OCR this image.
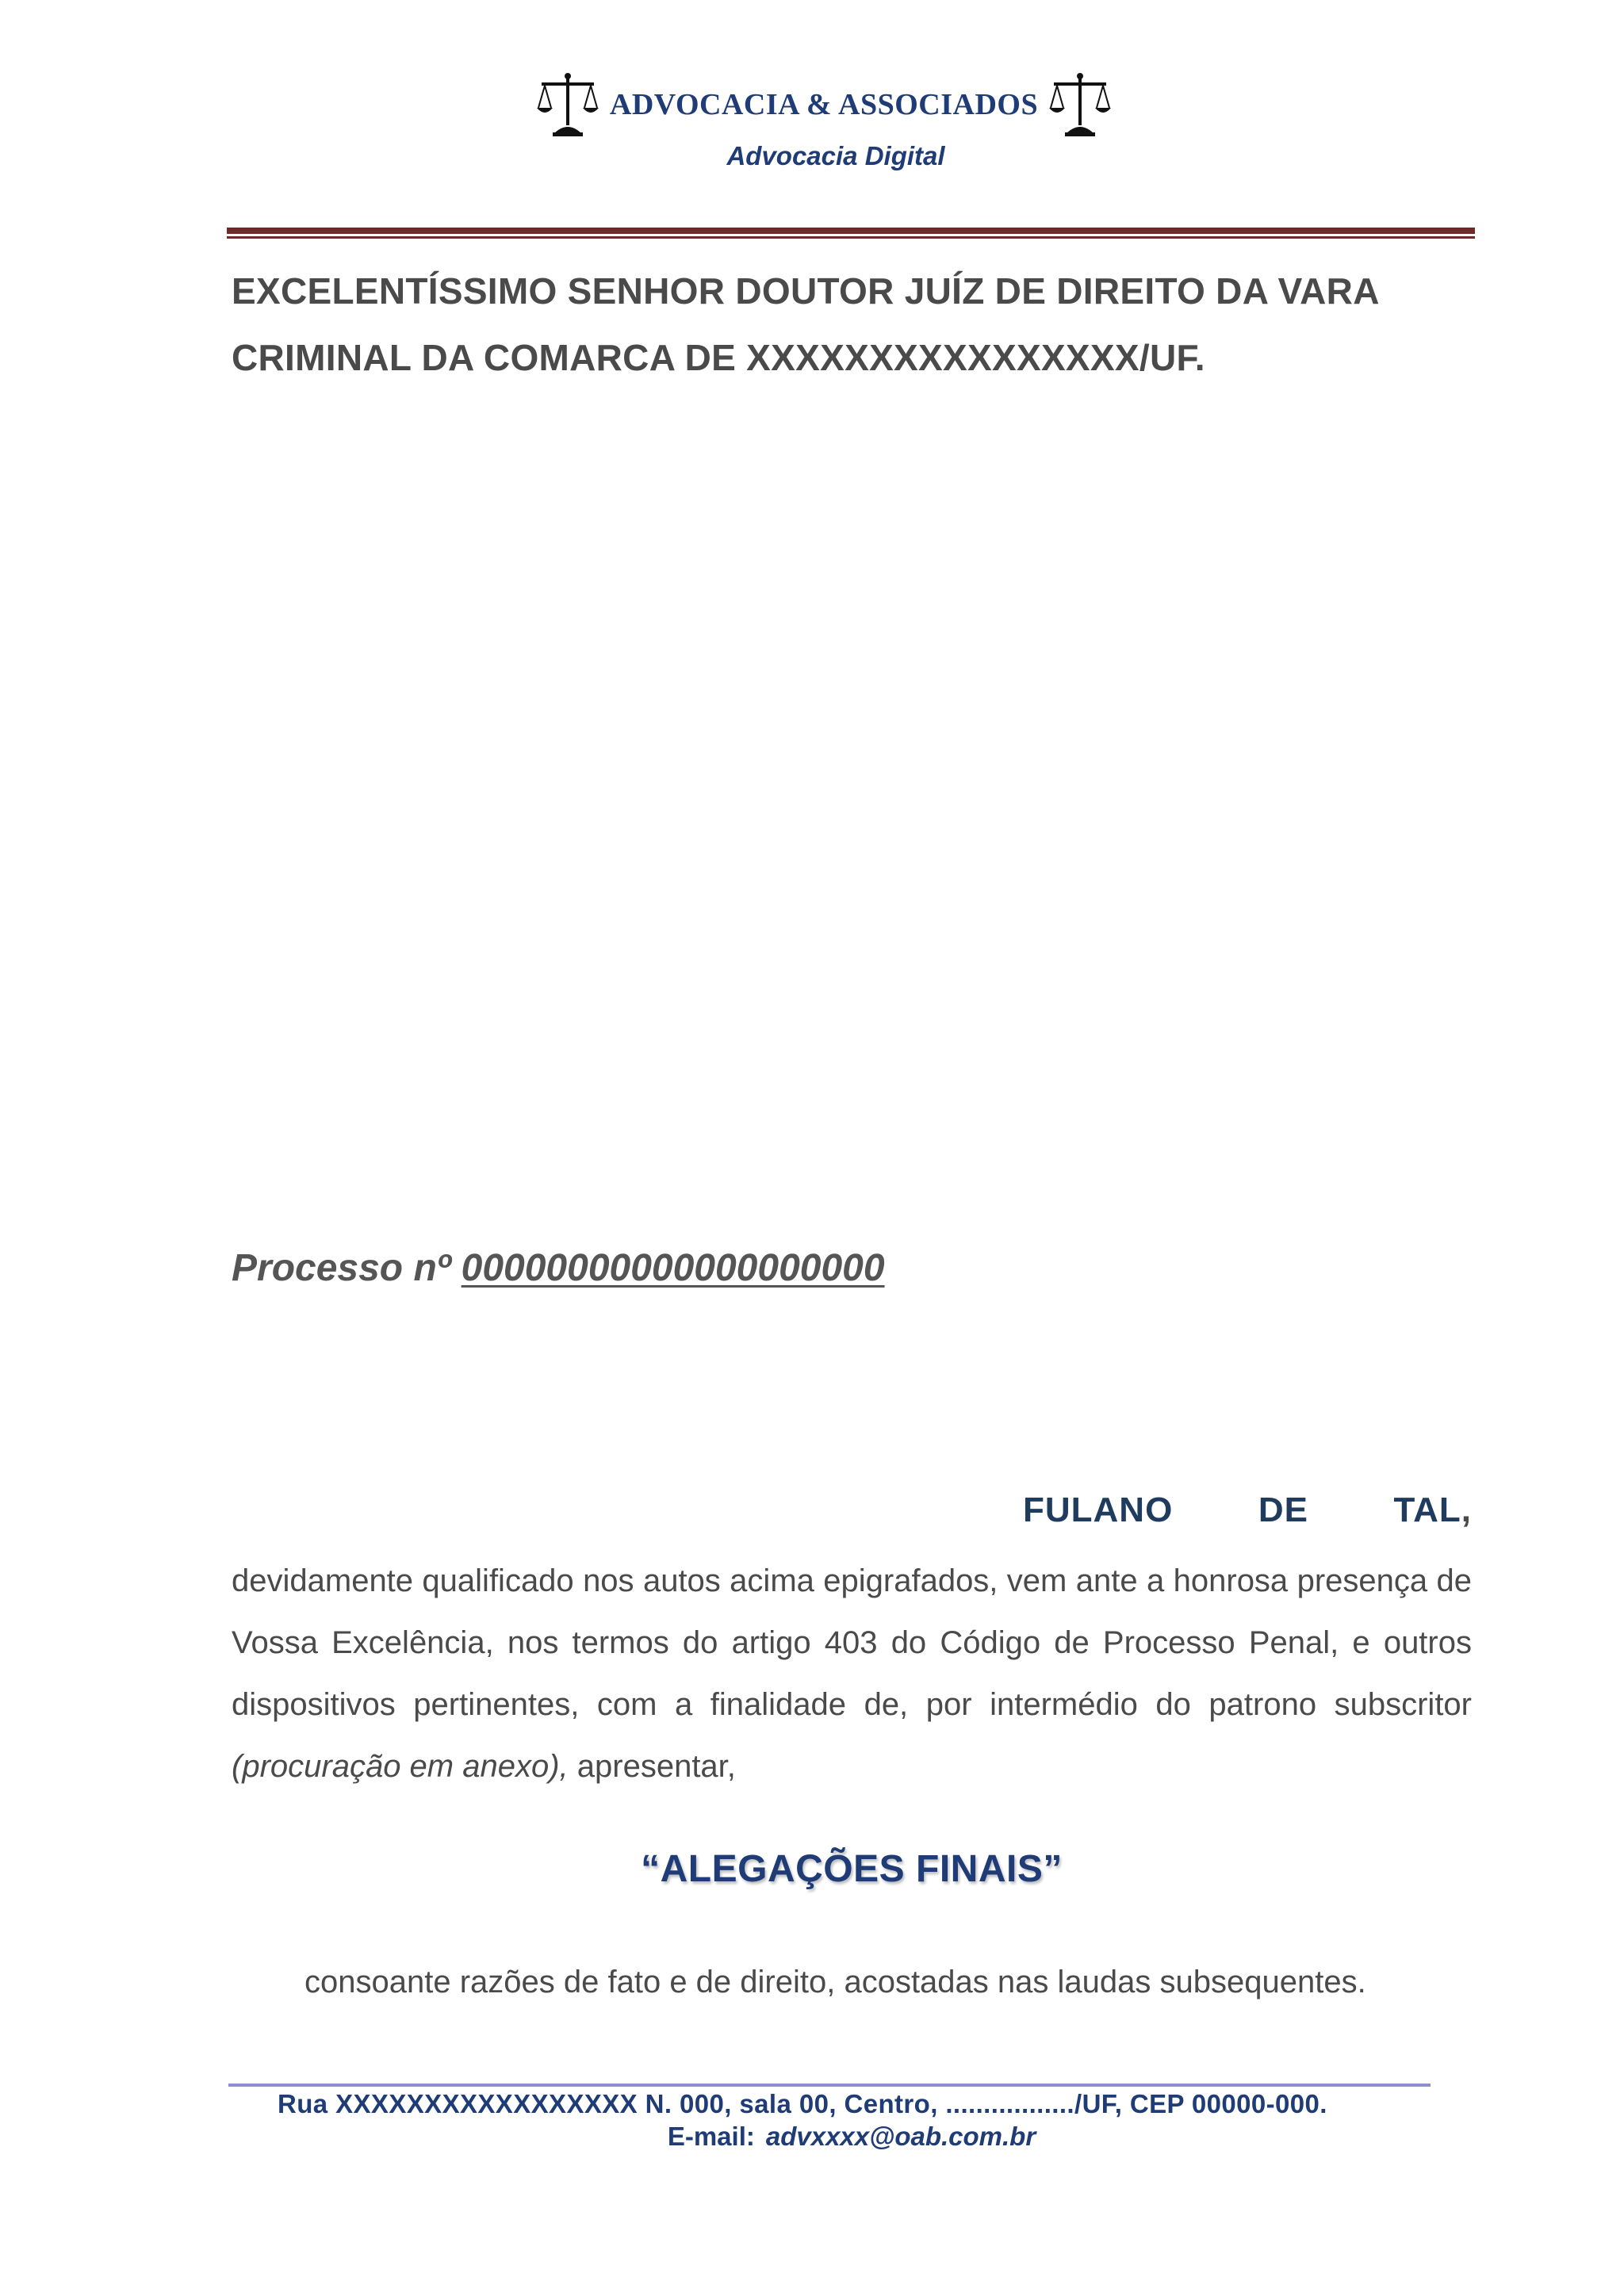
ADVOCACIA & ASSOCIADOS
Advocacia Digital
EXCELENTÍSSIMO SENHOR DOUTOR JUÍZ DE DIREITO DA VARA
CRIMINAL DA COMARCA DE XXXXXXXXXXXXXXXX/UF.
Processo nº 00000000000000000000
FULANO DE TAL,
devidamente qualificado nos autos acima epigrafados, vem ante a honrosa presença de Vossa Excelência, nos termos do artigo 403 do Código de Processo Penal, e outros dispositivos pertinentes, com a finalidade de, por intermédio do patrono subscritor (procuração em anexo), apresentar,
“ALEGAÇÕES FINAIS”
consoante razões de fato e de direito, acostadas nas laudas subsequentes.
Rua XXXXXXXXXXXXXXXXX N. 000, sala 00, Centro, ................./UF, CEP 00000-000.
E-mail: advxxxx@oab.com.br
